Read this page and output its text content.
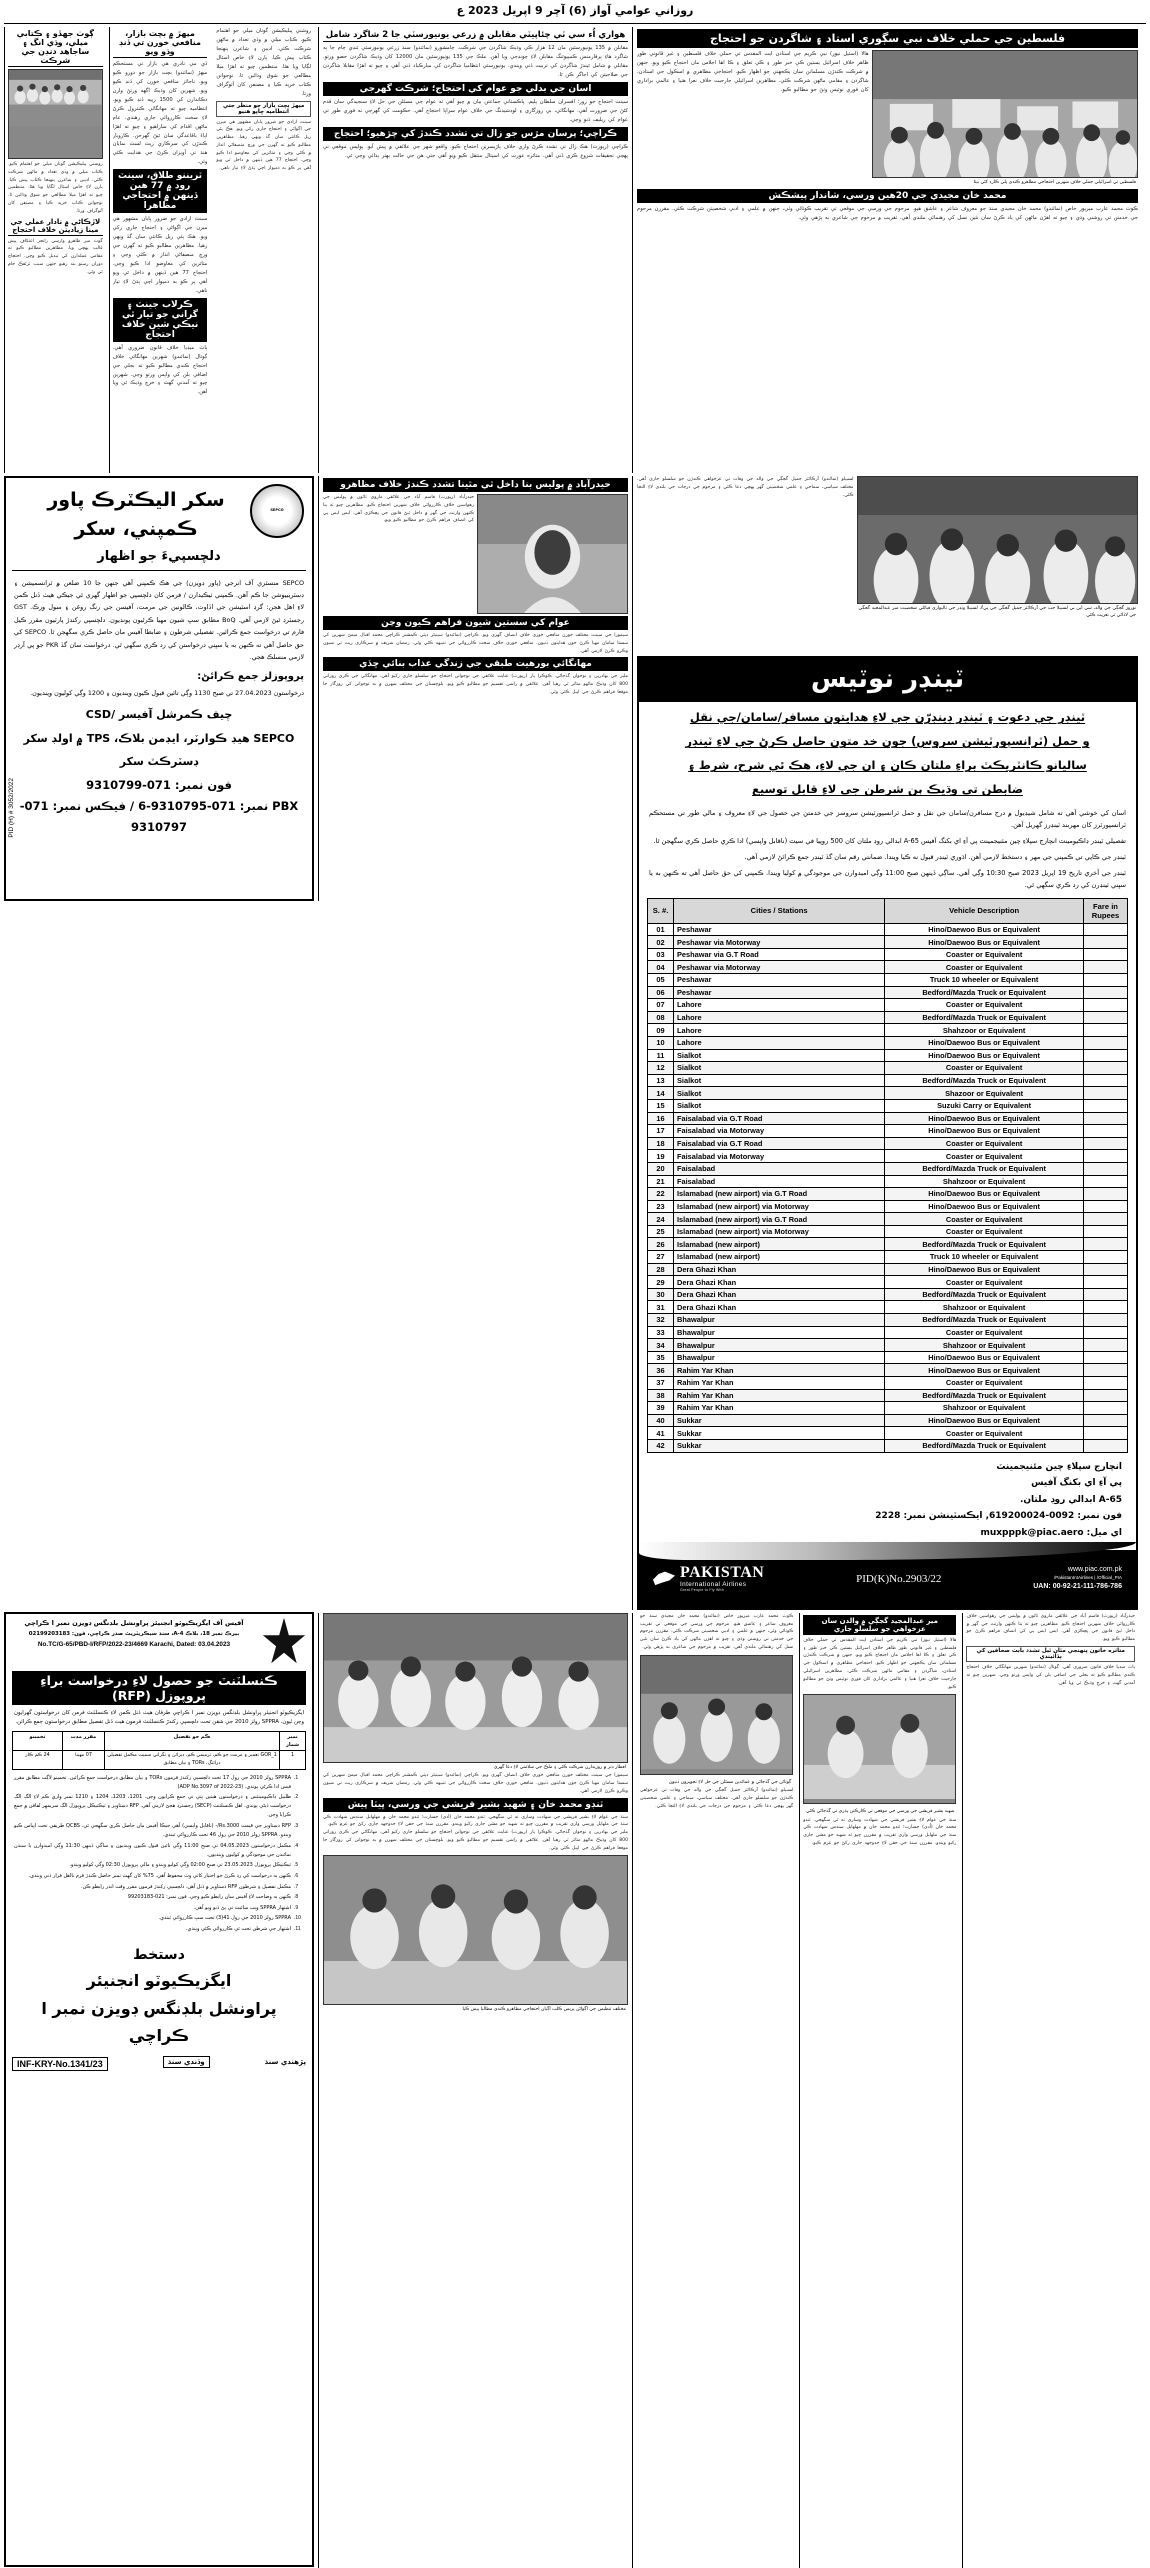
روزاني عوامي آواز (6) آچر 9 اپريل 2023 ع
ڳوٺ جهڏو ۽ ڪتابي ميلي، وڌي انگ ۽ ساجاهد دنڊن جي شرڪت
روشني پبليڪيشن گوٺان ميلي جو اهتمام ڪيو. ڪتاب ميلي ۾ وڏي تعداد ۾ ماڻهن شرڪت ڪئي. اديبن ۽ شاعرن پنهنجا ڪتاب پيش ڪيا. ٻارن لاءِ خاص اسٽال لڳايا ويا هئا. منتظمين چيو ته اهڙا ميلا مطالعي جو شوق وڌائين ٿا. نوجوانن ڪتاب خريد ڪيا ۽ مصنفن کان آٽوگراف ورتا.
لاڙڪاڻي ۾ نادار عملي جي مينا زياديتن خلاف احتجاج
گوٺ مير ظاهرو وارسي رانجر اعتكاف پيش غالب پهچي ويا. مظاهرين مطالبو ڪيو ته مقامي عملدارن کي تبديل ڪيو وڃي. احتجاج دوران رستو بند رهيو جنهن سبب ٽرئفڪ جام ٿي وئي.
ميهڙ ۾ بچت بازار، منافعي خورن تي ڏنڊ وڌو ويو
ڏي مي نادري هي بازار تي مستحڪم ميهڙ (نمائندو) بچت بازار جو دورو ڪيو ويو. ناجائز منافعي خورن کي ڏنڊ ڪيو ويو. شهرين کان وڌيڪ اگهه ورتڻ وارن دڪاندارن کي 1500 رپيه ڏنڊ ڪيو ويو. انتظاميه چيو ته مهانگائي ڪنٽرول ڪرڻ لاءِ سخت ڪارروائي جاري رهندي. عام ماڻهن اقدام کي ساراهيو ۽ چيو ته اهڙا اپاءَ باقاعدگي سان ٿيڻ گهرجن. ڪاروبار ڪندڙن کي سرڪاري ريٽ لسٽ نمايان هنڌ تي آويزان ڪرڻ جي هدايت ڪئي وئي.
ٽريننو طلاق، سينٽ رود ۾ 77 هين ڏينهن ۾ احتجاجي مظاهرا
سينٽ ارادي جو ضرور ڀايان مشهور هي ميرن جي اڳواڻي ۽ احتجاج جاري رکي ويو. هڪ ٻئي ريل ڪانٽي سان گڏ ويهي رهيا. مظاهرين مطالبو ڪيو ته گهرن جي ورڇ منصفاڻي انداز ۾ ڪئي وڃي ۽ متاثرين کي معاوضو ادا ڪيو وڃي. احتجاج 77 هين ڏينهن ۾ داخل ٿي ويو آهي پر ڪو به ذميوار اچي ٻڌڻ لاءِ تيار ناهي.
ڪرلاب جينٽ ۽ گراني جو تيار ٿي نيڪي شين خلاف احتجاج
ٻاٽ ميڊيا خلاف قانون ضروري آهي. ڳوٺال (نمائندو) شهرين مهانگائي خلاف احتجاج ڪندي مطالبو ڪيو ته بجلي جي اضافي بلن کي واپس ورتو وڃي. شهرين چيو ته آمدني گهٽ ۽ خرچ وڌيڪ ٿي ويا آهن.
روشني پبليڪيشن گوٺان ميلي جو اهتمام ڪيو. ڪتاب ميلي ۾ وڏي تعداد ۾ ماڻهن شرڪت ڪئي. اديبن ۽ شاعرن پنهنجا ڪتاب پيش ڪيا. ٻارن لاءِ خاص اسٽال لڳايا ويا هئا. منتظمين چيو ته اهڙا ميلا مطالعي جو شوق وڌائين ٿا. نوجوانن ڪتاب خريد ڪيا ۽ مصنفن کان آٽوگراف ورتا.
ميهڙ بچت بازار جو منظر جتي انتظاميه ڇاپو هنيو
سينٽ ارادي جو ضرور ڀايان مشهور هي ميرن جي اڳواڻي ۽ احتجاج جاري رکي ويو. هڪ ٻئي ريل ڪانٽي سان گڏ ويهي رهيا. مظاهرين مطالبو ڪيو ته گهرن جي ورڇ منصفاڻي انداز ۾ ڪئي وڃي ۽ متاثرين کي معاوضو ادا ڪيو وڃي. احتجاج 77 هين ڏينهن ۾ داخل ٿي ويو آهي پر ڪو به ذميوار اچي ٻڌڻ لاءِ تيار ناهي.
هواري اُء سي ٽي چئاپيٽي مقابلن ۾ زرعي يونيورسٽي جا 2 شاگرد شامل
مقابلن ۾ 135 يونيورسٽين مان 12 هزار ڪي وڌيڪ شاگردن جي شرڪت. ڄامشورو (نمائندو) سنڌ زرعي يونيورسٽي ٽنڊي ڄام جا ٻه شاگرد هاءِ پرفارمنس ڪمپيوٽنگ مقابلن لاءِ چونڊجي ويا آهن. ملڪ جي 135 يونيورسٽين مان 12000 کان وڌيڪ شاگردن حصو ورتو. مقابلي ۾ شامل ٿيندڙ شاگردن کي تربيت ڏني ويندي. يونيورسٽي انتظاميا شاگردن کي مبارڪباد ڏني آهي ۽ چيو ته اهڙا مقابلا شاگردن جي صلاحيتن کي اجاگر ڪن ٿا.
اسان جي بدلي جو عوام کي احتجاج؛ شرڪت گهرجي
سينٽ احتجاج جو زور؛ افسران سلطان پليم. پاڪستاني جماعتن بيان ۾ چيو آهي ته عوام جي مسئلن جي حل لاءِ سنجيدگي سان قدم کڻڻ جي ضرورت آهي. مهانگائي، بي روزگاري ۽ لوڊشيڊنگ جي خلاف عوام سراپا احتجاج آهي. حڪومت کي گهرجي ته فوري طور تي عوام کي ريليف ڏنو وڃي.
ڪراچي؛ پرسان مڙس جو زال تي تشدد ڪندڙ کي چڙهيو؛ احتجاج
ڪراچي (رپورٽ) هڪ زال تي تشدد ڪرڻ واري خلاف پاڙيسرين احتجاج ڪيو. واقعو شهر جي علائقي ۾ پيش آيو. پوليس موقعي تي پهچي تحقيقات شروع ڪري ڏني آهي. متاثره عورت کي اسپتال منتقل ڪيو ويو آهي جتي هن جي حالت بهتر ٻڌائي وڃي ٿي.
فلسطين جي حملي خلاف نبي سڳوري استاد ۽ شاگردن جو احتجاج
هالا (اسٽيل نيوز) نبي ڪريم جي استادن ايت المقدس تي حملي خلاف فلسطين ۽ غير قانوني طور ظاهر خلاف اسرائيل يستين ڪي خبر طور ۽ ڪي تعلق ۽ ڪا اها اجلاس مان احتجاج ڪيو ويو. جنهن ۾ شرڪت ڪندڙن مسلمانن سان يڪجهتي جو اظهار ڪيو. احتجاجي مظاهري ۾ اسڪول جي استادن، شاگردن ۽ مقامي ماڻهن شرڪت ڪئي. مظاهرين اسرائيلي جارحيت خلاف نعرا هنيا ۽ عالمي براداري کان فوري نوٽيس وٺڻ جو مطالبو ڪيو.
فلسطين تي اسرائيلي حملي خلاف شهرين احتجاجي مظاهرو ڪندي پلي ڪارڊ کڻي بيٺا
محمد خان مجيدي جي 20هين ورسي، شاندار پيشڪش
ڪوٽ محمد عارب ميرپور خاص (نمائندو) محمد خان مجيدي سنڌ جو معروف شاعر ۽ عاشق هيو. مرحوم جي ورسي جي موقعي تي تقريب ڪوٺائي وئي، جنهن ۾ علمي ۽ ادبي شخصيتن شرڪت ڪئي. مقررن مرحوم جي خدمتن تي روشني وڌي ۽ چيو ته اهڙن ماڻهن کي ياد ڪرڻ سان نئين نسل کي رهنمائي ملندي آهي. تقريب ۾ مرحوم جي شاعري به پڙهي وئي.
SEPCO
سکر اليڪٽرڪ پاور ڪمپني، سکر
دلچسپيءَ جو اظهار
SEPCO منسٽري آف انرجي (پاور ڊويزن) جي هڪ ڪمپني آهي جنهن جا 10 ضلعن ۾ ٽرانسميشن ۽ ڊسٽريبيوشن جا ڪم آهن. ڪمپني ٺيڪيدارن / فرمن کان دلچسپي جو اظهار گهري ٿي جيڪي هيٺ ڏنل ڪمن لاءِ اهل هجن: گرڊ اسٽيشن جي اڏاوت، ڪالونين جي مرمت، آفيسن جي رنگ روغن ۽ سول ورڪ. GST رجسٽرڊ ٿيڻ لازمي آهي. BoQ مطابق سڀ شيون مهيا ڪرڻيون پونديون. دلچسپي رکندڙ پارٽيون مقرر ڪيل فارم تي درخواست جمع ڪرائين. تفصيلي شرطون ۽ ضابطا آفيس مان حاصل ڪري سگهجن ٿا. SEPCO کي حق حاصل آهي ته ڪنهن به يا سڀني درخواستن کي رد ڪري سگهي ٿي. درخواست سان گڏ PKR جو پي آرڊر لازمي منسلڪ هجي.
پروپوزلز جمع ڪرائڻ:
درخواستون 27.04.2023 تي صبح 1130 وڳي تائين قبول ڪيون وينديون ۽ 1200 وڳي کوليون وينديون.
چيف ڪمرشل آفيسر /CSD
SEPCO هيڊ ڪوارٽر، ايڊمن بلاڪ، TPS ۾ اولڊ سکر
ڊسٽرڪٽ سکر
فون نمبر: 071-9310799
PBX نمبر: 071-9310795-6 / فيڪس نمبر: 071-9310797
PID (H) # 3052/2022
حيدرآباد ۾ پوليس بنا داخل ٿي مٿينا تشدد ڪندڙ خلاف مظاهرو
حيدرآباد (رپورٽ) قاسم آباد جي علائقي ماروي ٽائون ۾ پوليس جي رهواسين خلاف ڪارروائي خلاف شهرين احتجاج ڪيو. مظاهرين چيو ته بنا ڪنهن وارنٽ جي گهر ۾ داخل ٿيڻ قانون جي ڀڃڪڙي آهي. ايس ايس پي کي انصاف فراهم ڪرڻ جو مطالبو ڪيو ويو.
عوام کي سستين شيون فراهم ڪيون وڃن
سيمورا جي سينٽ مختلف خورن منافعي خوري خلاف انصاف گهري ويو. ڪراچي (نمائندو) سينيئر ڊپٽي ڪمشنر ڪراچي محمد اقبال ميمڻ شهرين کي سستا سامان مهيا ڪرڻ جون هدايتون ڏنيون. منافعي خوري خلاف سخت ڪارروائي جي تنبيهه ڪئي وئي. رمضان شريف ۾ سرڪاري ريٽ تي شيون وڪرو ڪرڻ لازمي آهي.
مهانگائي بورهيت طبقي جي زندگي عذاب بنائي ڇڏي
ملير جي بهادرين ۽ نوجوان گڏجاڻي. ڪوڪرا پار (رپورٽ) عنايت علائقي جي نوجوانن احتجاج جو سلسلو جاري رکيو آهي. مهانگائي جي ڪري روزاني 800 کان وڌيڪ ماڻهو متاثر ٿي رهيا آهن. علائقي ۾ راشن تقسيم جو مطالبو ڪيو ويو. بلوچستان جي مختلف شهرن ۾ به نوجوانن کي روزگار جا موقعا فراهم ڪرڻ جي اپيل ڪئي وئي.
لسبيلو (نمائندو) آرڪائٽر جميل گجڳي جي والد جي وفات تي عزخواهي ڪندڙن جو سلسلو جاري آهي. مختلف سياسي، سماجي ۽ علمي شخصيتن گهر پهچي دعا ڪئي ۽ مرحوم جي درجات جي بلندي لاءِ التجا ڪئي.
نوروز گجڳي جي والد، سي اين بي لسبيلا حب جي آرڪائٽر جميل گجڳي جي پيءُ، لسبيلا ونڊر جي ٽاليواري قبائلي شخصيت مير عبدالمجيد گجڳي جي لاڏاڻي تي تعزيت ڪئي
ٽينڊر نوٽيس
ٽينڊر جي دعوت ۽ ٽينڊر ڊينڊرّن جي لاءِ هدايتون مسافر/سامان/جي نقل
و حمل (ٽرانسپورٽيشن سروس) جون خد متون حاصل ڪرڻ جي لاءِ ٽينڊر
ساليانو ڪانٽريڪٽ براءِ ملتان ڪان ۽ ان جي لاءِ، هڪ ئي شرح، شرط ۽
ضابطن تي وڌيڪ ٻن شرطن جي لاءِ قابل توسيع
اسان کي خوشي آهي ته شامل شيڊيول ۾ درج مسافرن/سامان جي نقل و حمل ٽرانسپورٽيشن سروسز جي خدمتن جي حصول جي لاءِ معروف ۽ مالي طور تي مستحڪم ٽرانسپورٽرز کان مهربند ٽينڊرز گهربل آهن.
تفصيلي ٽينڊر ڊاڪيومينٽ انچارج سپلاءِ چين مئنيجمينٽ پي آءِ اي بکنگ آفيس A-65 ابدالي روڊ ملتان کان 500 روپيا في سيٽ (ناقابل واپسي) ادا ڪري حاصل ڪري سگهجن ٿا.
ٽينڊر جي ڪاپي تي ڪمپني جي مهر ۽ دستخط لازمي آهن. اڌوري ٽينڊر قبول نه ڪيا ويندا. ضمانتي رقم سان گڏ ٽينڊر جمع ڪرائڻ لازمي آهي.
ٽينڊر جي آخري تاريخ 19 اپريل 2023 صبح 10:30 وڳي آهي. ساڳي ڏينهن صبح 11:00 وڳي اميدوارن جي موجودگي ۾ کوليا ويندا. ڪمپني کي حق حاصل آهي ته ڪنهن به يا سڀني ٽينڊرن کي رد ڪري سگهي ٿي.
S. #.	Cities / Stations	Vehicle Description	Fare in Rupees
01	Peshawar	Hino/Daewoo Bus or Equivalent	
02	Peshawar via Motorway	Hino/Daewoo Bus or Equivalent	
03	Peshawar via G.T Road	Coaster or Equivalent	
04	Peshawar via Motorway	Coaster or Equivalent	
05	Peshawar	Truck 10 wheeler or Equivalent	
06	Peshawar	Bedford/Mazda Truck or Equivalent	
07	Lahore	Coaster or Equivalent	
08	Lahore	Bedford/Mazda Truck or Equivalent	
09	Lahore	Shahzoor or Equivalent	
10	Lahore	Hino/Daewoo Bus or Equivalent	
11	Sialkot	Hino/Daewoo Bus or Equivalent	
12	Sialkot	Coaster or Equivalent	
13	Sialkot	Bedford/Mazda Truck or Equivalent	
14	Sialkot	Shazoor or Equivalent	
15	Sialkot	Suzuki Carry or Equivalent	
16	Faisalabad via G.T Road	Hino/Daewoo Bus or Equivalent	
17	Faisalabad via Motorway	Hino/Daewoo Bus or Equivalent	
18	Faisalabad via G.T Road	Coaster or Equivalent	
19	Faisalabad via Motorway	Coaster or Equivalent	
20	Faisalabad	Bedford/Mazda Truck or Equivalent	
21	Faisalabad	Shahzoor or Equivalent	
22	Islamabad (new airport) via G.T Road	Hino/Daewoo Bus or Equivalent	
23	Islamabad (new airport) via Motorway	Hino/Daewoo Bus or Equivalent	
24	Islamabad (new airport) via G.T Road	Coaster or Equivalent	
25	Islamabad (new airport) via Motorway	Coaster or Equivalent	
26	Islamabad (new airport)	Bedford/Mazda Truck or Equivalent	
27	Islamabad (new airport)	Truck 10 wheeler or Equivalent	
28	Dera Ghazi Khan	Hino/Daewoo Bus or Equivalent	
29	Dera Ghazi Khan	Coaster or Equivalent	
30	Dera Ghazi Khan	Bedford/Mazda Truck or Equivalent	
31	Dera Ghazi Khan	Shahzoor or Equivalent	
32	Bhawalpur	Bedford/Mazda Truck or Equivalent	
33	Bhawalpur	Coaster or Equivalent	
34	Bhawalpur	Shahzoor or Equivalent	
35	Bhawalpur	Hino/Daewoo Bus or Equivalent	
36	Rahim Yar Khan	Hino/Daewoo Bus or Equivalent	
37	Rahim Yar Khan	Coaster or Equivalent	
38	Rahim Yar Khan	Bedford/Mazda Truck or Equivalent	
39	Rahim Yar Khan	Shahzoor or Equivalent	
40	Sukkar	Hino/Daewoo Bus or Equivalent	
41	Sukkar	Coaster or Equivalent	
42	Sukkar	Bedford/Mazda Truck or Equivalent	
انچارج سپلاءِ چين مئنيجمينٽ
پي آءِ اي بکنگ آفيس
A-65 ابدالي روڊ ملتان.
فون نمبر: 0092-619200024, ايڪسٽينشن نمبر: 2228
اي ميل: muxpppk@piac.aero
PAKISTAN
International Airlines
Great People to Fly With
PID(K)No.2903/22
www.piac.com.pk
/PakistanIntAirlines | /Official_PIA
UAN: 00-92-21-111-786-786
آفيس آف ايگزيڪيوٽو انجنيئر پراونشل بلڊنگس ڊويزن نمبر ا ڪراچي
بيرڪ نمبر 18، بلاڪ A-4، سنڌ سيڪريٽريٽ صدر ڪراچي، فون: 02199203183
No.TC/G-65/PBD-I/RFP/2022-23/4669 Karachi, Dated: 03.04.2023
ڪنسلٽنٽ جو حصول لاءِ درخواست براءِ پروپوزل (RFP)
ايگزيڪيوٽو انجنيئر پراونشل بلڊنگس ڊويزن نمبر ا ڪراچي طرفان هيٺ ڏنل ڪمن لاءِ ڪنسلٽنٽ فرمن کان درخواستون گهرايون وڃن ٿيون. SPPRA رولز 2010 جي شقن تحت دلچسپي رکندڙ ڪنسلٽنٽ فرمون هيٺ ڏنل تفصيل مطابق درخواستون جمع ڪرائن.
نمبر شمار	ڪم جو تفصيل	مقرر مدت	تخمينو
1	GOR_1 تعمير ۽ مرمت جو ڪم، ترميمي ڪم، ڊيزائن ۽ نگراني سميت مڪمل تفصيلي ڊرائنگ، TORs ۽ بيان مطابق	07 مهينا	24 ڪم ڪار
1.
SPPRA رولز 2010 جي رول 17 تحت دلچسپي رکندڙ فرمون TORs ۽ بيان مطابق درخواست جمع ڪرائين. تخمينو لاڳت مطابق مقرر فيس ادا ڪرڻي پوندي. (ADP No.3097 of 2022-23)
2.
طلبيل ڊاڪيومينٽس ۽ درخواستون هيٺين پتي تي جمع ڪرايون وڃن. 1201، 1203، 1204 ۽ 1210 نمبر واري ڪم لاءِ الڳ الڳ درخواست ڏيڻي پوندي. اهل ڪنسلٽنٽ (SECP) رجسٽرڊ هجڻ لازمي آهي. RFP دستاويز ۽ ٽيڪنيڪل پروپوزل الڳ سربمهر لفافن ۾ جمع ڪرايا وڃن.
3.
RFP دستاويز جي قيمت Rs.3000/- (ناقابل واپسي) آهي جيڪا آفيس مان حاصل ڪري سگهجي ٿي. QCBS طريقي تحت اڀياس ڪيو ويندو. SPPRA رولز 2010 جي رول 46 تحت ڪارروائي ٿيندي.
4.
مڪمل درخواستون 04.05.2023 تي صبح 11:00 وڳي تائين قبول ڪيون وينديون ۽ ساڳي ڏينهن 11:30 وڳي اميدوارن يا سندن نمائندن جي موجودگي ۾ کوليون وينديون.
5.
ٽيڪنيڪل پروپوزل 23.05.2023 تي صبح 02:00 وڳي کوليو ويندو ۽ مالي پروپوزل 02:30 وڳي کوليو ويندو.
6.
ڪنهن به درخواست کي رد ڪرڻ جو اختيار کاتي وٽ محفوظ آهي. 75% کان گهٽ نمبر حاصل ڪندڙ فرم نااهل قرار ڏني ويندي.
7.
مڪمل تفصيل ۽ شرطون RFP دستاويز ۾ ڏنل آهن. دلچسپي رکندڙ فرمون مقرر وقت اندر رابطو ڪن.
8.
ڪنهن به وضاحت لاءِ آفيس سان رابطو ڪيو وڃي. فون نمبر: 021-99203183
9.
اشتهار SPPRA ويب سائيٽ تي پڻ ڏنو ويو آهي.
10.
SPPRA رولز 2010 جي رول 41(3) تحت سڀ ڪارروائي ٿيندي.
11.
اشتهار جي شرطن تحت ئي ڪارروائي ڪئي ويندي.
دستخط
ايگزيڪيوٽو انجنيئر
پراونشل بلڊنگس ڊويزن نمبر ا ڪراچي
INF-KRY-No.1341/23	وڏندي سنڌ	پڙهندي سنڌ
افطار ڊنر ۾ روزيدارن شرڪت ڪئي ۽ ملڪ جي سلامتي لاءِ دعا گهري
سيمورا جي سينٽ مختلف خورن منافعي خوري خلاف انصاف گهري ويو. ڪراچي (نمائندو) سينيئر ڊپٽي ڪمشنر ڪراچي محمد اقبال ميمڻ شهرين کي سستا سامان مهيا ڪرڻ جون هدايتون ڏنيون. منافعي خوري خلاف سخت ڪارروائي جي تنبيهه ڪئي وئي. رمضان شريف ۾ سرڪاري ريٽ تي شيون وڪرو ڪرڻ لازمي آهي.
ٽنڊو محمد خان ۽ شهيد بشير قريشي جي ورسي، ڀيٽا پيش
سنڌ جي عوام لاءِ بشير قريشي جي شهادت وساري نه ٿي سگهجي. ٽنڊو محمد خان (اُدي) جسارت؛ ٽنڊو محمد خان ۾ مهلهايل سندس شهادت ڪي سنڌ جي ملهايل ورسي واري تقريب ۾ مقررن چيو ته شهيد جو مشن جاري رکيو ويندو. مقررن سنڌ جي حقن لاءِ جدوجهد جاري رکڻ جو عزم ڪيو.
ملير جي بهادرين ۽ نوجوان گڏجاڻي. ڪوڪرا پار (رپورٽ) عنايت علائقي جي نوجوانن احتجاج جو سلسلو جاري رکيو آهي. مهانگائي جي ڪري روزاني 800 کان وڌيڪ ماڻهو متاثر ٿي رهيا آهن. علائقي ۾ راشن تقسيم جو مطالبو ڪيو ويو. بلوچستان جي مختلف شهرن ۾ به نوجوانن کي روزگار جا موقعا فراهم ڪرڻ جي اپيل ڪئي وئي.
مختلف تنظيمن جي اڳواڻن پريس ڪلب اڳيان احتجاجي مظاهرو ڪندي مطالبا پيش ڪيا
ڪوٽ محمد عارب ميرپور خاص (نمائندو) محمد خان مجيدي سنڌ جو معروف شاعر ۽ عاشق هيو. مرحوم جي ورسي جي موقعي تي تقريب ڪوٺائي وئي، جنهن ۾ علمي ۽ ادبي شخصيتن شرڪت ڪئي. مقررن مرحوم جي خدمتن تي روشني وڌي ۽ چيو ته اهڙن ماڻهن کي ياد ڪرڻ سان نئين نسل کي رهنمائي ملندي آهي. تقريب ۾ مرحوم جي شاعري به پڙهي وئي.
ڳوٺاڻن جي گڏجاڻي ۾ عمائدين مسئلن جي حل لاءِ تجويزون ڏنيون
لسبيلو (نمائندو) آرڪائٽر جميل گجڳي جي والد جي وفات تي عزخواهي ڪندڙن جو سلسلو جاري آهي. مختلف سياسي، سماجي ۽ علمي شخصيتن گهر پهچي دعا ڪئي ۽ مرحوم جي درجات جي بلندي لاءِ التجا ڪئي.
مير عبدالمجيد گجڳي ۾ والدن سان عزخواهي جو سلسلو جاري
هالا (اسٽيل نيوز) نبي ڪريم جي استادن ايت المقدس تي حملي خلاف فلسطين ۽ غير قانوني طور ظاهر خلاف اسرائيل يستين ڪي خبر طور ۽ ڪي تعلق ۽ ڪا اها اجلاس مان احتجاج ڪيو ويو. جنهن ۾ شرڪت ڪندڙن مسلمانن سان يڪجهتي جو اظهار ڪيو. احتجاجي مظاهري ۾ اسڪول جي استادن، شاگردن ۽ مقامي ماڻهن شرڪت ڪئي. مظاهرين اسرائيلي جارحيت خلاف نعرا هنيا ۽ عالمي براداري کان فوري نوٽيس وٺڻ جو مطالبو ڪيو.
شهيد بشير قريشي جي ورسي جي موقعي تي ڪارڪنن پڌري تي گڏجاڻي ڪئي
سنڌ جي عوام لاءِ بشير قريشي جي شهادت وساري نه ٿي سگهجي. ٽنڊو محمد خان (اُدي) جسارت؛ ٽنڊو محمد خان ۾ مهلهايل سندس شهادت ڪي سنڌ جي ملهايل ورسي واري تقريب ۾ مقررن چيو ته شهيد جو مشن جاري رکيو ويندو. مقررن سنڌ جي حقن لاءِ جدوجهد جاري رکڻ جو عزم ڪيو.
حيدرآباد (رپورٽ) قاسم آباد جي علائقي ماروي ٽائون ۾ پوليس جي رهواسين خلاف ڪارروائي خلاف شهرين احتجاج ڪيو. مظاهرين چيو ته بنا ڪنهن وارنٽ جي گهر ۾ داخل ٿيڻ قانون جي ڀڃڪڙي آهي. ايس ايس پي کي انصاف فراهم ڪرڻ جو مطالبو ڪيو ويو.
متاثره خاتون پنهنجي مٿان ٿيل تشدد بابت صحافين کي ٻڌائيندي
ٻاٽ ميڊيا خلاف قانون ضروري آهي. ڳوٺال (نمائندو) شهرين مهانگائي خلاف احتجاج ڪندي مطالبو ڪيو ته بجلي جي اضافي بلن کي واپس ورتو وڃي. شهرين چيو ته آمدني گهٽ ۽ خرچ وڌيڪ ٿي ويا آهن.
